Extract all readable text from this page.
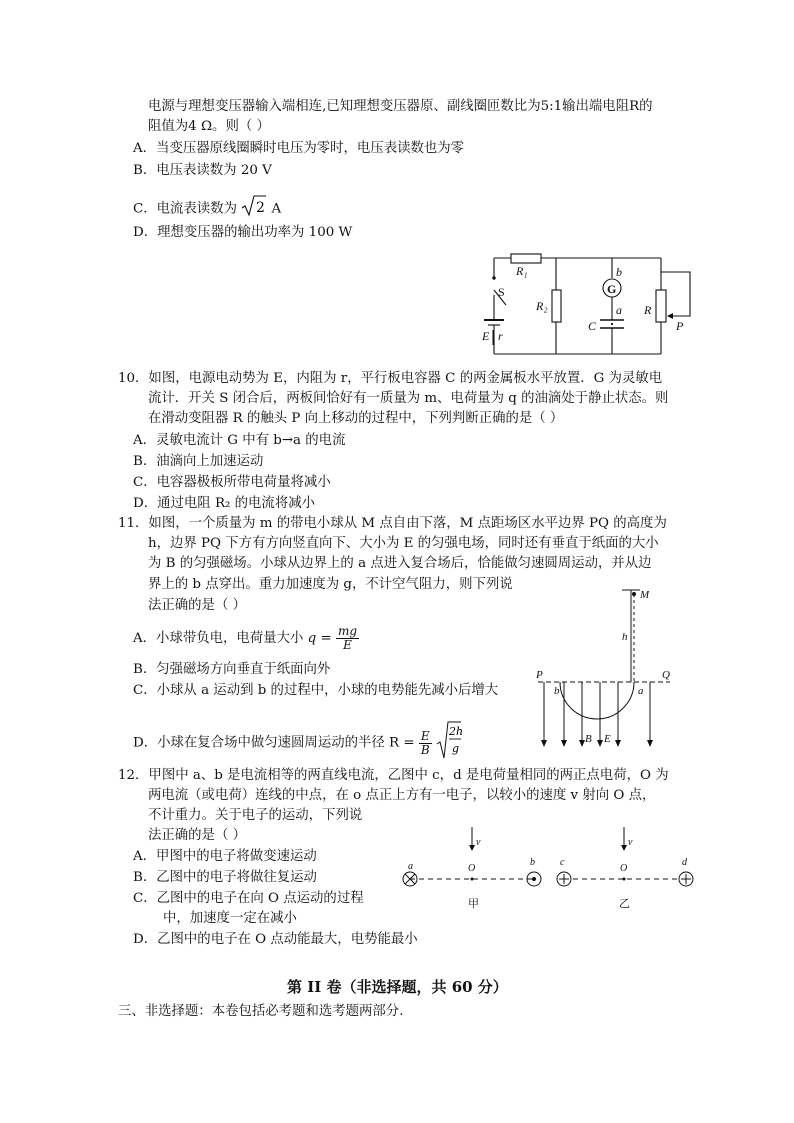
电源与理想变压器输入端相连,已知理想变压器原、副线圈匝数比为5:1输出端电阻R的
阻值为4 Ω。则（ ）
A．当变压器原线圈瞬时电压为零时，电压表读数也为零
B．电压表读数为 20 V
C．电流表读数为 2 A
D．理想变压器的输出功率为 100 W
R₁	b
S	G
R₂	a R
C	P
E r
10．如图，电源电动势为 E，内阻为 r，平行板电容器 C 的两金属板水平放置．G 为灵敏电
流计．开关 S 闭合后，两板间恰好有一质量为 m、电荷量为 q 的油滴处于静止状态。则
在滑动变阻器 R 的触头 P 向上移动的过程中，下列判断正确的是（ ）
A．灵敏电流计 G 中有 b→a 的电流
B．油滴向上加速运动
C．电容器极板所带电荷量将减小
D．通过电阻 R₂ 的电流将减小
11．如图，一个质量为 m 的带电小球从 M 点自由下落，M 点距场区水平边界 PQ 的高度为
h，边界 PQ 下方有方向竖直向下、大小为 E 的匀强电场，同时还有垂直于纸面的大小
为 B 的匀强磁场。小球从边界上的 a 点进入复合场后，恰能做匀速圆周运动，并从边
界上的 b 点穿出。重力加速度为 g，不计空气阻力，则下列说
法正确的是（ ）
A．小球带负电，电荷量大小 $q = \frac{mg}{E}$
B．匀强磁场方向垂直于纸面向外
C．小球从 a 运动到 b 的过程中，小球的电势能先减小后增大
D．小球在复合场中做匀速圆周运动的半径 $R = \frac{E}{B}$
2h
g
M
h
P	Q
b	a
B E
12．甲图中 a、b 是电流相等的两直线电流，乙图中 c，d 是电荷量相同的两正点电荷，O 为
两电流（或电荷）连线的中点，在 o 点正上方有一电子，以较小的速度 v 射向 O 点，
不计重力。关于电子的运动，下列说
法正确的是（ ）
A．甲图中的电子将做变速运动
B．乙图中的电子将做往复运动
C．乙图中的电子在向 O 点运动的过程
中，加速度一定在减小
D．乙图中的电子在 O 点动能最大，电势能最小
v	v
a	O
b	c
O
d
甲	乙
第 II 卷（非选择题，共 60 分）
三、非选择题：本卷包括必考题和选考题两部分.
